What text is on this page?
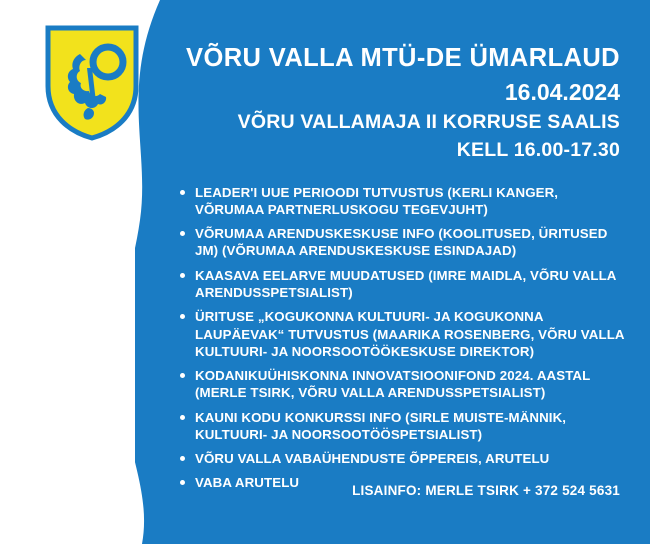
VÕRU VALLA MTÜ-DE ÜMARLAUD
16.04.2024
VÕRU VALLAMAJA II KORRUSE SAALIS
KELL 16.00-17.30
LEADER'I UUE PERIOODI TUTVUSTUS (KERLI KANGER, VÕRUMAA PARTNERLUSKOGU TEGEVJUHT)
VÕRUMAA ARENDUSKESKUSE INFO (KOOLITUSED, ÜRITUSED JM) (VÕRUMAA ARENDUSKESKUSE ESINDAJAD)
KAASAVA EELARVE MUUDATUSED (IMRE MAIDLA, VÕRU VALLA ARENDUSSPETSIALIST)
ÜRITUSE „KOGUKONNA KULTUURI- JA KOGUKONNA LAUPÄEVAK“ TUTVUSTUS (MAARIKA ROSENBERG, VÕRU VALLA KULTUURI- JA NOORSOOTÖÖKESKUSE DIREKTOR)
KODANIKUÜHISKONNA INNOVATSIOONIFOND 2024. AASTAL (MERLE TSIRK, VÕRU VALLA ARENDUSSPETSIALIST)
KAUNI KODU KONKURSSI INFO (SIRLE MUISTE-MÄNNIK, KULTUURI- JA NOORSOOTÖÖSPETSIALIST)
VÕRU VALLA VABAÜHENDUSTE ÕPPEREIS, ARUTELU
VABA ARUTELU
LISAINFO: MERLE TSIRK + 372 524 5631
